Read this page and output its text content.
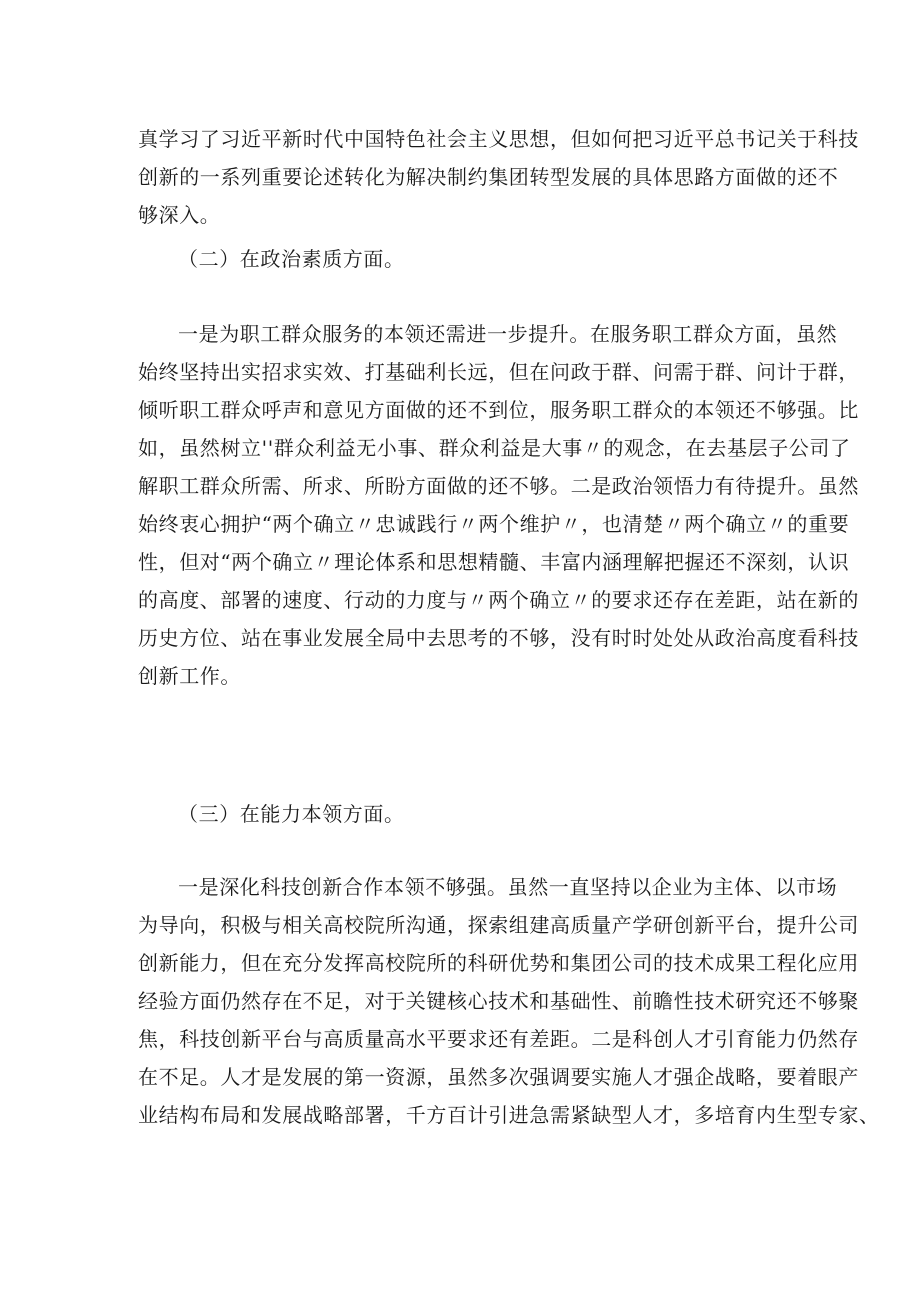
真学习了习近平新时代中国特色社会主义思想，但如何把习近平总书记关于科技
创新的一系列重要论述转化为解决制约集团转型发展的具体思路方面做的还不
够深入。
（二）在政治素质方面。
一是为职工群众服务的本领还需进一步提升。在服务职工群众方面，虽然
始终坚持出实招求实效、打基础利长远，但在问政于群、问需于群、问计于群，
倾听职工群众呼声和意见方面做的还不到位，服务职工群众的本领还不够强。比
如，虽然树立''群众利益无小事、群众利益是大事〃的观念，在去基层子公司了
解职工群众所需、所求、所盼方面做的还不够。二是政治领悟力有待提升。虽然
始终衷心拥护“两个确立〃忠诚践行〃两个维护〃，也清楚〃两个确立〃的重要
性，但对“两个确立〃理论体系和思想精髓、丰富内涵理解把握还不深刻，认识
的高度、部署的速度、行动的力度与〃两个确立〃的要求还存在差距，站在新的
历史方位、站在事业发展全局中去思考的不够，没有时时处处从政治高度看科技
创新工作。
（三）在能力本领方面。
一是深化科技创新合作本领不够强。虽然一直坚持以企业为主体、以市场
为导向，积极与相关高校院所沟通，探索组建高质量产学研创新平台，提升公司
创新能力，但在充分发挥高校院所的科研优势和集团公司的技术成果工程化应用
经验方面仍然存在不足，对于关键核心技术和基础性、前瞻性技术研究还不够聚
焦，科技创新平台与高质量高水平要求还有差距。二是科创人才引育能力仍然存
在不足。人才是发展的第一资源，虽然多次强调要实施人才强企战略，要着眼产
业结构布局和发展战略部署，千方百计引进急需紧缺型人才，多培育内生型专家、
